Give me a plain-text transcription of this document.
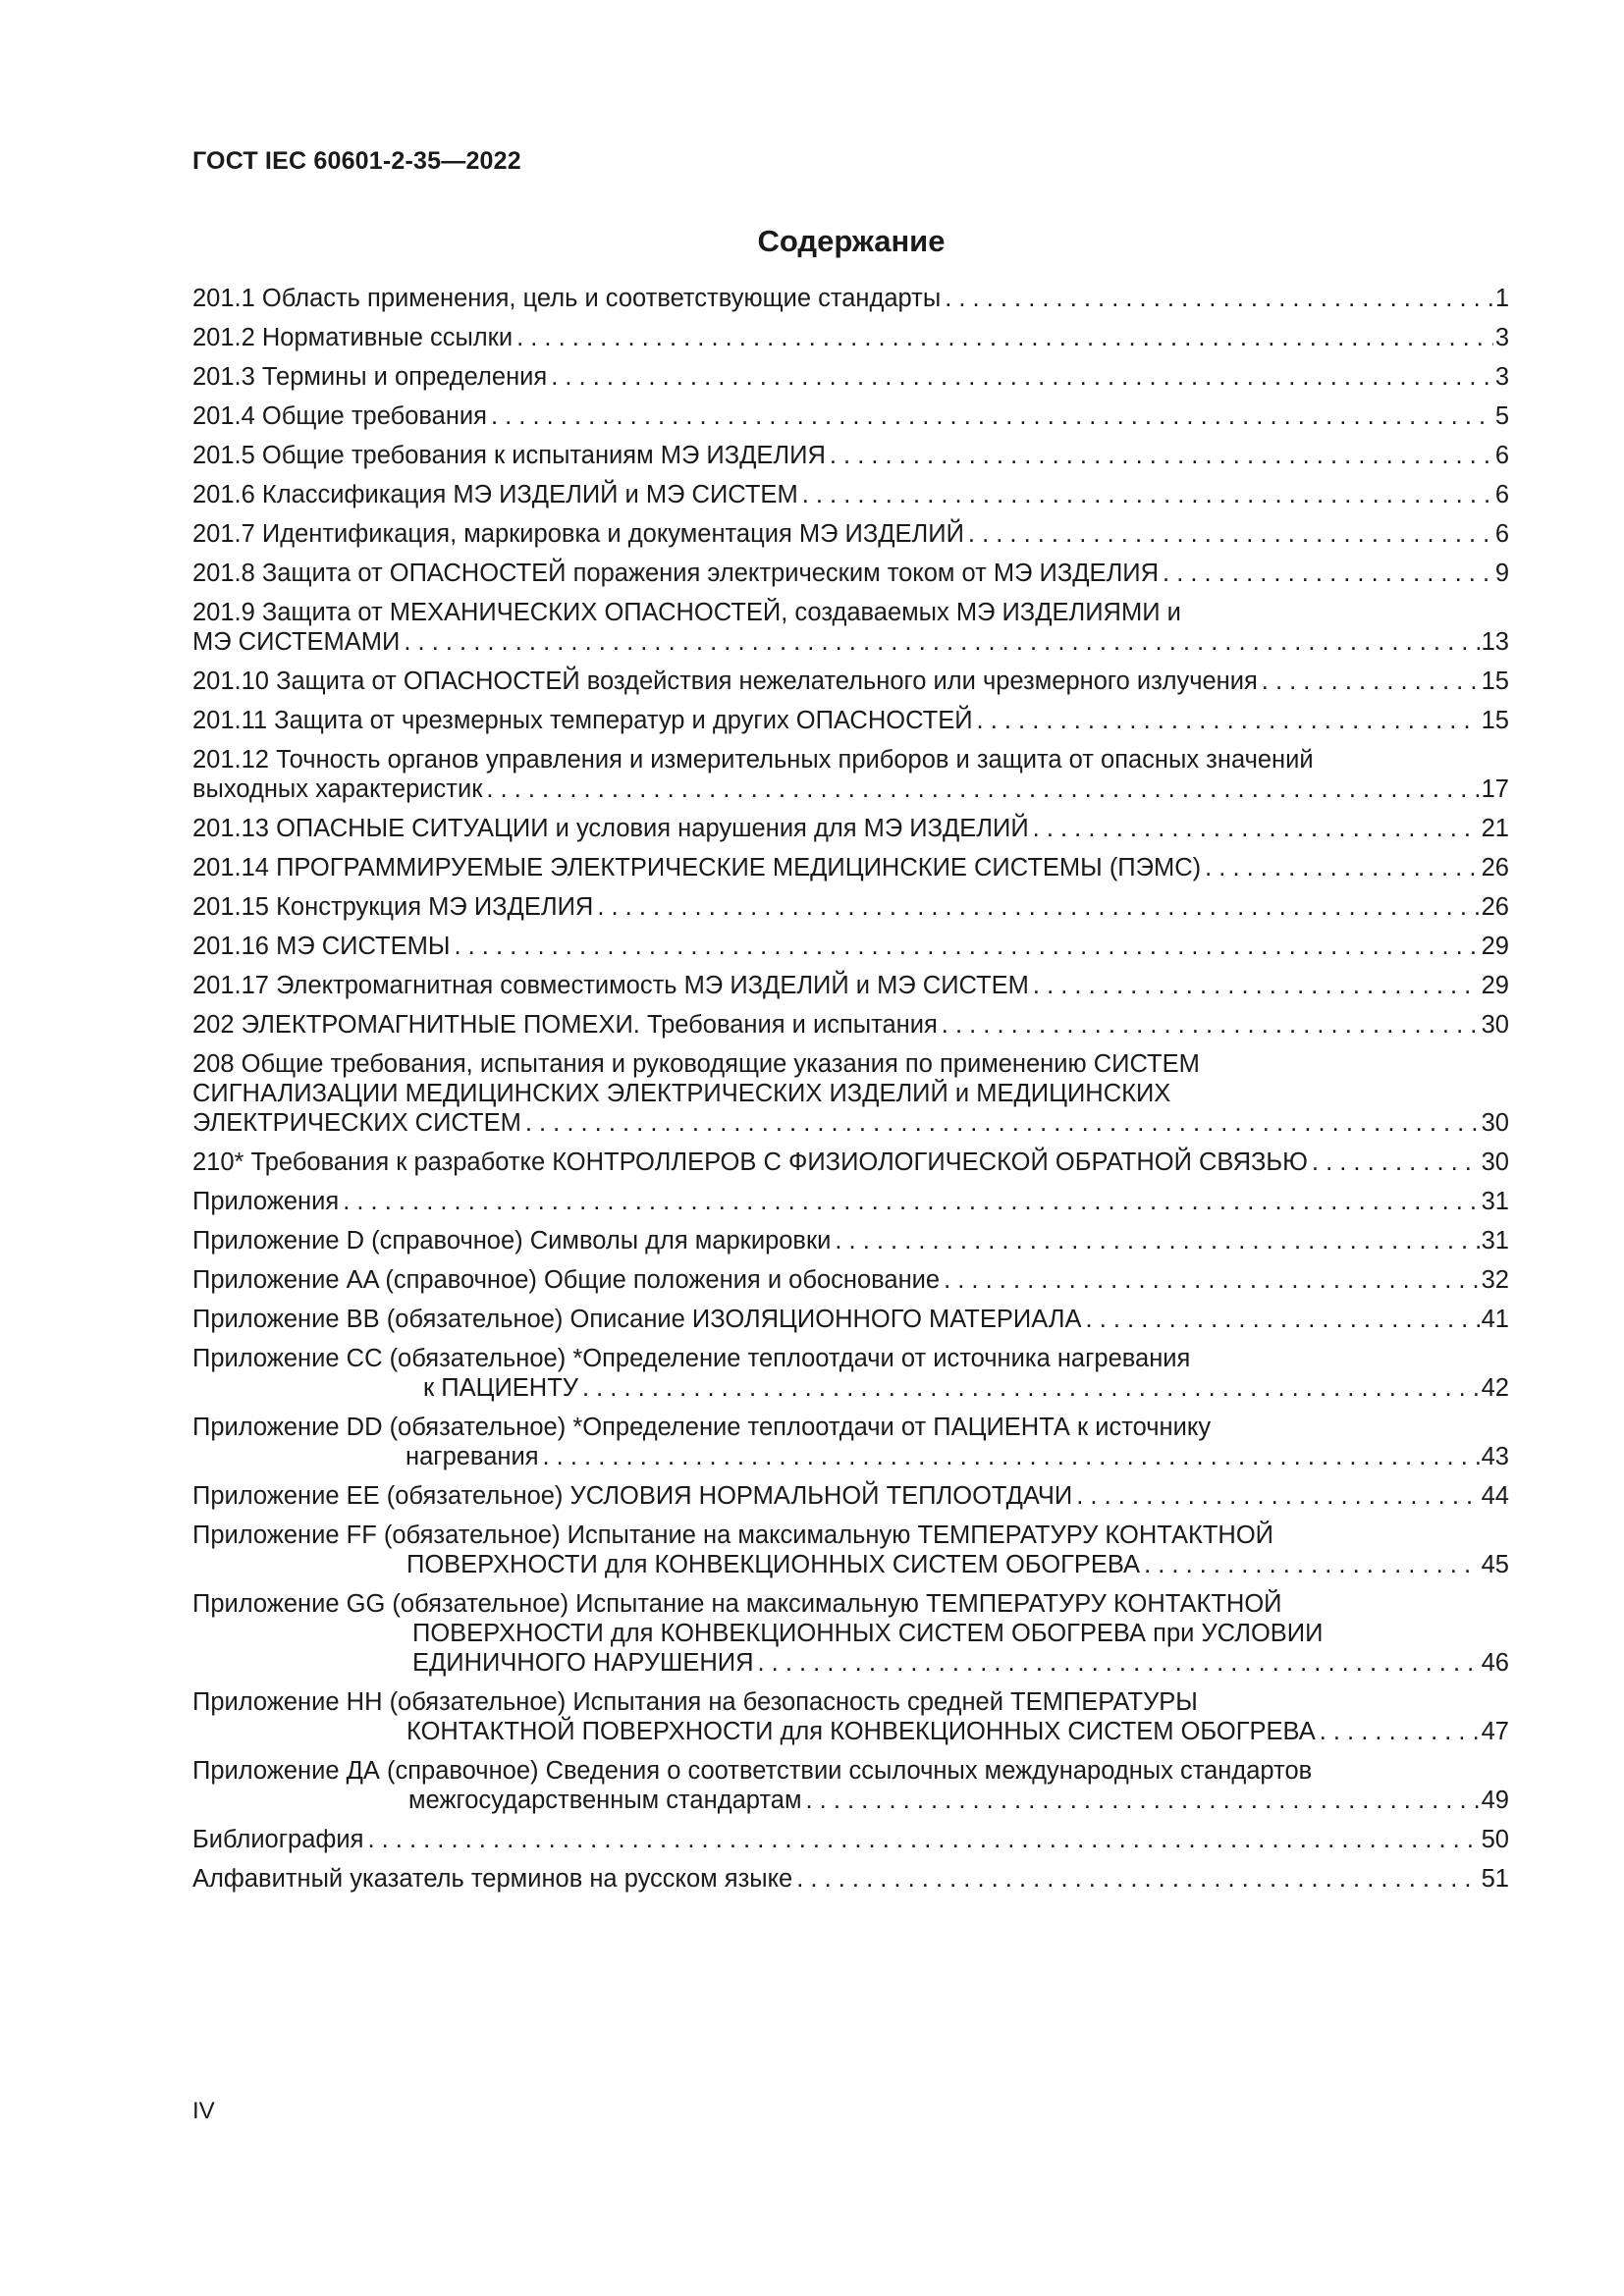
ГОСТ IEC 60601-2-35—2022
Содержание
201.1 Область применения, цель и соответствующие стандарты . . .	1
201.2 Нормативные ссылки . . .	3
201.3 Термины и определения . . .	3
201.4 Общие требования . . .	5
201.5 Общие требования к испытаниям МЭ ИЗДЕЛИЯ . . .	6
201.6 Классификация МЭ ИЗДЕЛИЙ и МЭ СИСТЕМ . . .	6
201.7 Идентификация, маркировка и документация МЭ ИЗДЕЛИЙ . . .	6
201.8 Защита от ОПАСНОСТЕЙ поражения электрическим током от МЭ ИЗДЕЛИЯ . . .	9
201.9 Защита от МЕХАНИЧЕСКИХ ОПАСНОСТЕЙ, создаваемых МЭ ИЗДЕЛИЯМИ и
МЭ СИСТЕМАМИ . . .	13
201.10 Защита от ОПАСНОСТЕЙ воздействия нежелательного или чрезмерного излучения . . .	15
201.11 Защита от чрезмерных температур и других ОПАСНОСТЕЙ . . .	15
201.12 Точность органов управления и измерительных приборов и защита от опасных значений
выходных характеристик . . .	17
201.13 ОПАСНЫЕ СИТУАЦИИ и условия нарушения для МЭ ИЗДЕЛИЙ . . .	21
201.14 ПРОГРАММИРУЕМЫЕ ЭЛЕКТРИЧЕСКИЕ МЕДИЦИНСКИЕ СИСТЕМЫ (ПЭМС) . . .	26
201.15 Конструкция МЭ ИЗДЕЛИЯ . . .	26
201.16 МЭ СИСТЕМЫ . . .	29
201.17 Электромагнитная совместимость МЭ ИЗДЕЛИЙ и МЭ СИСТЕМ . . .	29
202 ЭЛЕКТРОМАГНИТНЫЕ ПОМЕХИ. Требования и испытания . . .	30
208 Общие требования, испытания и руководящие указания по применению СИСТЕМ
СИГНАЛИЗАЦИИ МЕДИЦИНСКИХ ЭЛЕКТРИЧЕСКИХ ИЗДЕЛИЙ и МЕДИЦИНСКИХ
ЭЛЕКТРИЧЕСКИХ СИСТЕМ . . .	30
210* Требования к разработке КОНТРОЛЛЕРОВ С ФИЗИОЛОГИЧЕСКОЙ ОБРАТНОЙ СВЯЗЬЮ . . .	30
Приложения . . .	31
Приложение D (справочное) Символы для маркировки . . .	31
Приложение AA (справочное) Общие положения и обоснование . . .	32
Приложение BB (обязательное) Описание ИЗОЛЯЦИОННОГО МАТЕРИАЛА . . .	41
Приложение CC (обязательное) *Определение теплоотдачи от источника нагревания
к ПАЦИЕНТУ . . .	42
Приложение DD (обязательное) *Определение теплоотдачи от ПАЦИЕНТА к источнику
нагревания . . .	43
Приложение EE (обязательное) УСЛОВИЯ НОРМАЛЬНОЙ ТЕПЛООТДАЧИ . . .	44
Приложение FF (обязательное) Испытание на максимальную ТЕМПЕРАТУРУ КОНТАКТНОЙ
ПОВЕРХНОСТИ для КОНВЕКЦИОННЫХ СИСТЕМ ОБОГРЕВА . . .	45
Приложение GG (обязательное) Испытание на максимальную ТЕМПЕРАТУРУ КОНТАКТНОЙ
ПОВЕРХНОСТИ для КОНВЕКЦИОННЫХ СИСТЕМ ОБОГРЕВА при УСЛОВИИ
ЕДИНИЧНОГО НАРУШЕНИЯ . . .	46
Приложение HH (обязательное) Испытания на безопасность средней ТЕМПЕРАТУРЫ
КОНТАКТНОЙ ПОВЕРХНОСТИ для КОНВЕКЦИОННЫХ СИСТЕМ ОБОГРЕВА . . .	47
Приложение ДА (справочное) Сведения о соответствии ссылочных международных стандартов
межгосударственным стандартам . . .	49
Библиография . . .	50
Алфавитный указатель терминов на русском языке . . .	51
IV
